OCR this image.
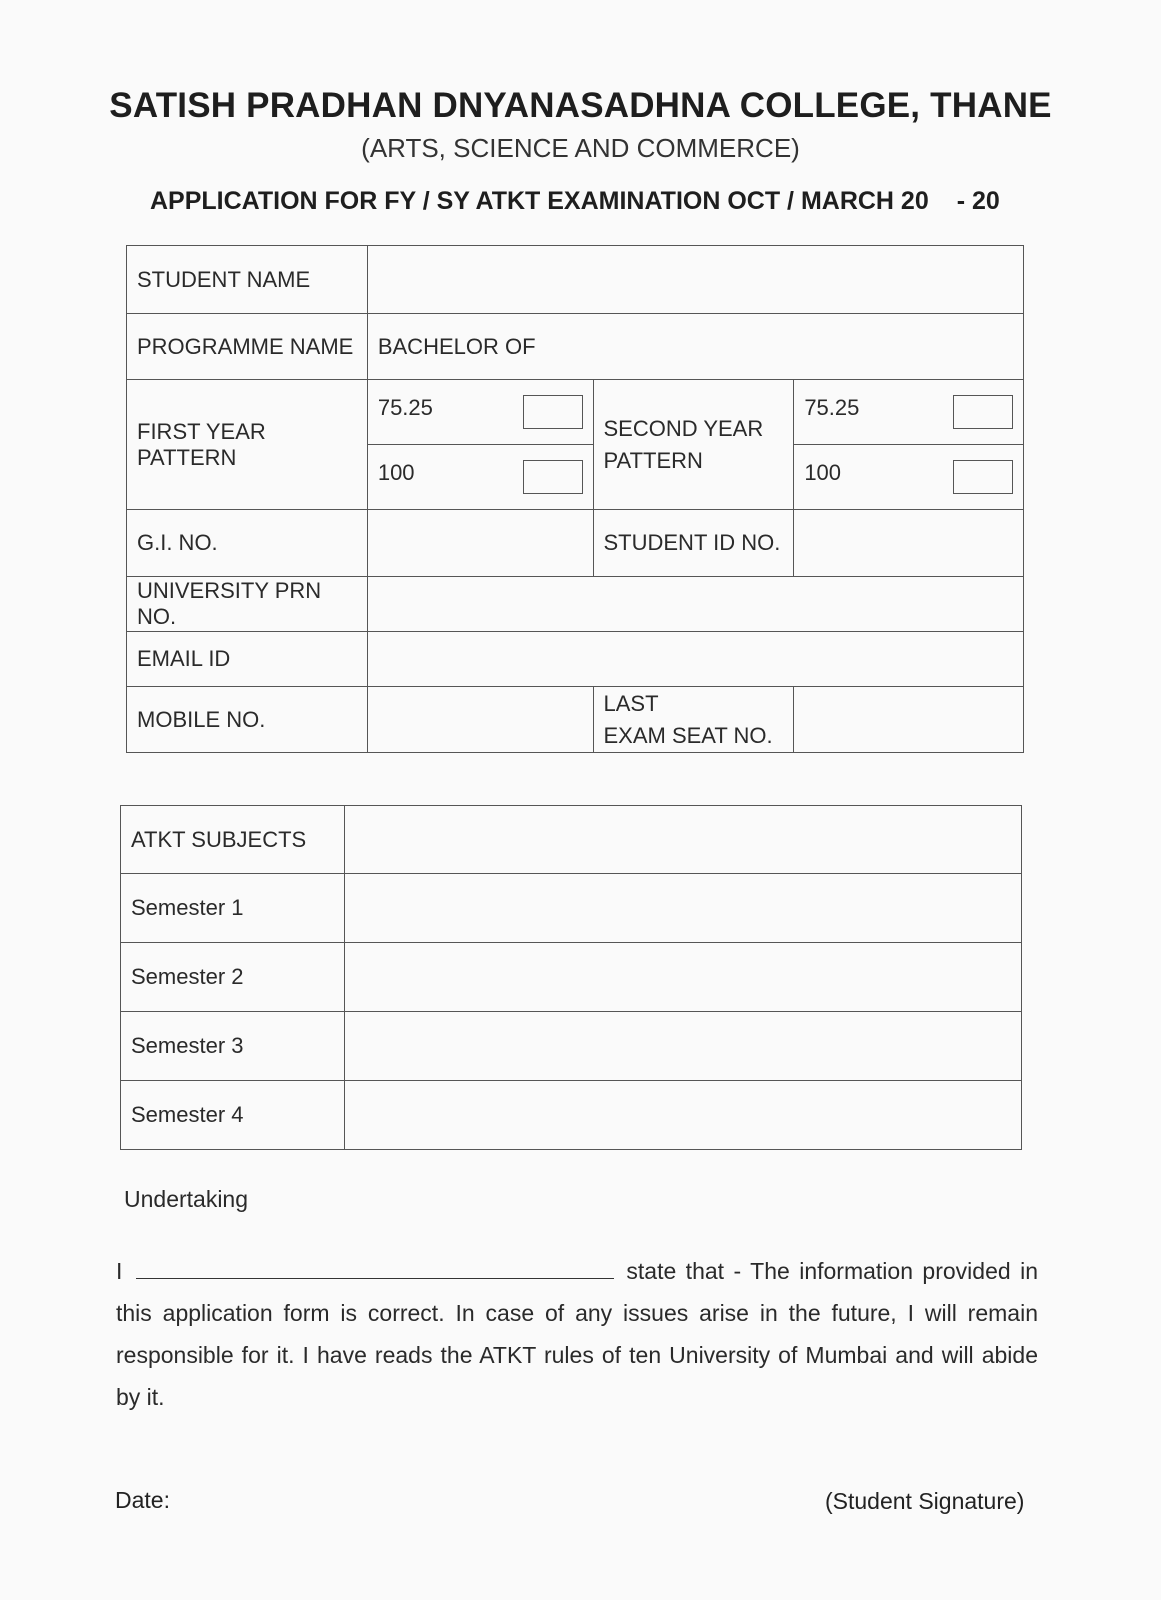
SATISH PRADHAN DNYANASADHNA COLLEGE, THANE
(ARTS, SCIENCE AND COMMERCE)
APPLICATION FOR FY / SY ATKT EXAMINATION OCT / MARCH 20 - 20
STUDENT NAME			
PROGRAMME NAME	BACHELOR OF		
FIRST YEAR PATTERN	75.25	SECOND YEAR PATTERN	75.25

	100		100

G.I. NO.		STUDENT ID NO.	
UNIVERSITY PRN NO.			
EMAIL ID			
MOBILE NO.		LAST
EXAM SEAT NO.	
ATKT SUBJECTS	
Semester 1	
Semester 2	
Semester 3	
Semester 4	
Undertaking
I	state that - The information provided in this application form is correct. In case of any issues arise in the future, I will remain responsible for it. I have reads the ATKT rules of ten University of Mumbai and will abide by it.
Date:	(Student Signature)
